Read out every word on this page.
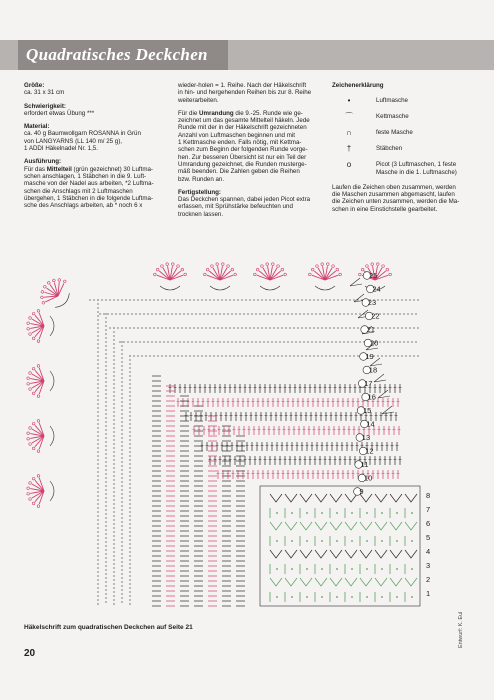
Quadratisches Deckchen

Größe:
ca. 31 x 31 cm

Schwierigkeit:
erfordert etwas Übung ***

Material:
ca. 40 g Baumwollgarn ROSANNA in Grün
von LANGYARNS (LL 140 m/ 25 g),
1 ADDI Häkelnadel Nr. 1,5.

Ausführung:
Für das Mittelteil (grün gezeichnet) 30 Luftma-
schen anschlagen, 1 Stäbchen in die 9. Luft-
masche von der Nadel aus arbeiten, *2 Luftma-
schen die Anschlags mit 2 Luftmaschen
übergehen, 1 Stäbchen in die folgende Luftma-
sche des Anschlags arbeiten, ab * noch 6 x

wieder-holen = 1. Reihe. Nach der Häkelschrift
in hin- und hergehenden Reihen bis zur 8. Reihe
weiterarbeiten.

Für die Umrandung die 9.-25. Runde wie ge-
zeichnet um das gesamte Mittelteil häkeln. Jede
Runde mit der in der Häkelschrift gezeichneten
Anzahl von Luftmaschen beginnen und mit
1 Kettmasche enden. Falls nötig, mit Kettma-
schen zum Beginn der folgenden Runde vorge-
hen. Zur besseren Übersicht ist nur ein Teil der
Umrandung gezeichnet, die Runden musterge-
mäß beenden. Die Zahlen geben die Reihen
bzw. Runden an.

Fertigstellung:
Das Deckchen spannen, dabei jeden Picot extra
erfassen, mit Sprühstärke befeuchten und
trocknen lassen.

Zeichenerklärung
•	Luftmasche
⌒	Kettmasche
∩	feste Masche
†	Stäbchen
ο	Picot (3 Luftmaschen, 1 feste
Masche in die 1. Luftmasche)

Laufen die Zeichen oben zusammen, werden
die Maschen zusammen abgemascht, laufen
die Zeichen unten zusammen, werden die Ma-
schen in eine Einstichstelle gearbeitet.

25
24
23
22
21
20
19
18
17
16
15
14
13
12
11
10
9	8
7
6
5
4
3
2
1
Häkelschrift zum quadratischen Deckchen auf Seite 21
20
Entwurf: K. Eul
